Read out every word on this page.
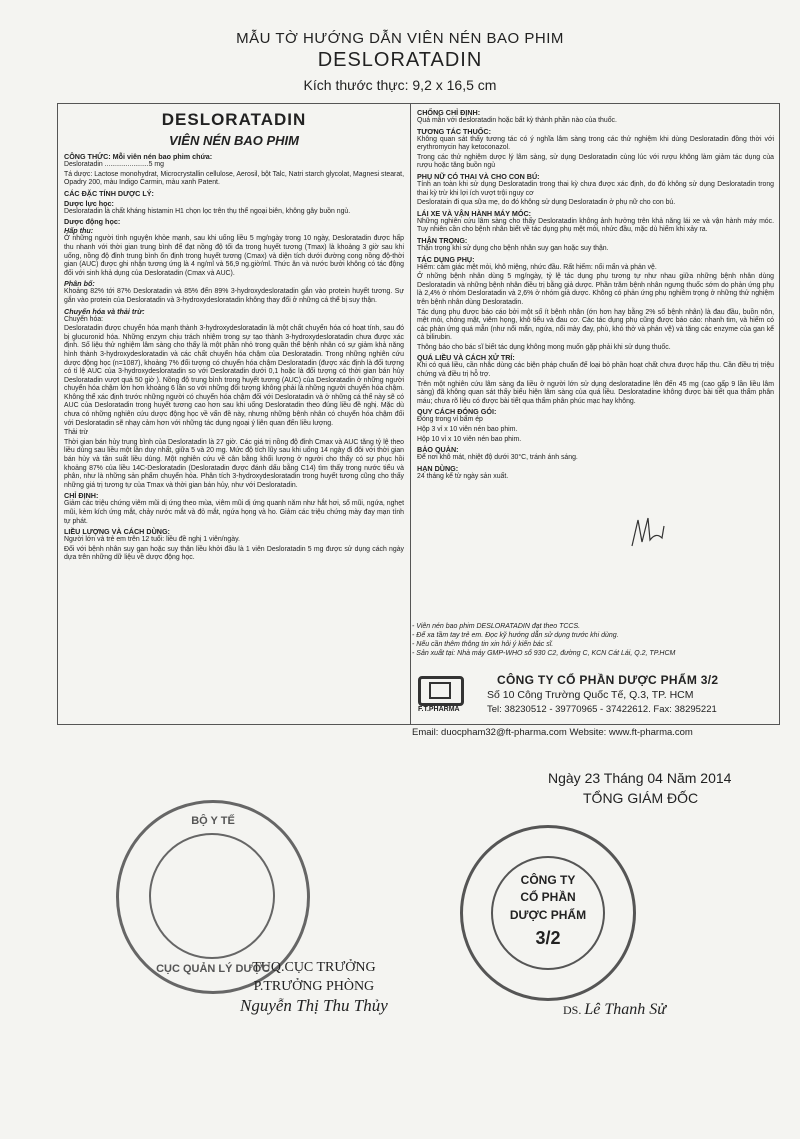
MẪU TỜ HƯỚNG DẪN VIÊN NÉN BAO PHIM
DESLORATADIN
Kích thước thực: 9,2 x 16,5 cm
DESLORATADIN
VIÊN NÉN BAO PHIM
CÔNG THỨC: Mỗi viên nén bao phim chứa:
Desloratadin .......................5 mg
Tá dược: Lactose monohydrat, Microcrystallin cellulose, Aerosil, bột Talc, Natri starch glycolat, Magnesi stearat, Opadry 200, màu Indigo Carmin, màu xanh Patent.
CÁC ĐẶC TÍNH DƯỢC LÝ:
Dược lực học:
Desloratadin là chất kháng histamin H1 chọn lọc trên thụ thể ngoại biên, không gây buồn ngủ.
Dược động học:
Hấp thu:
Ở những người tình nguyện khỏe mạnh, sau khi uống liều 5 mg/ngày trong 10 ngày, Desloratadin được hấp thu nhanh với thời gian trung bình để đạt nồng độ tối đa trong huyết tương (Tmax) là khoảng 3 giờ sau khi uống, nồng độ đỉnh trung bình ổn định trong huyết tương (Cmax) và diện tích dưới đường cong nồng độ-thời gian (AUC) được ghi nhận tương ứng là 4 ng/ml và 56,9 ng.giờ/ml. Thức ăn và nước bưởi không có tác động đối với sinh khả dụng của Desloratadin (Cmax và AUC).
Phân bố:
Khoảng 82% tới 87% Desloratadin và 85% đến 89% 3-hydroxydesloratadin gắn vào protein huyết tương. Sự gắn vào protein của Desloratadin và 3-hydroxydesloratadin không thay đổi ở những cá thể bị suy thận.
Chuyển hóa và thải trừ:
Chuyển hóa:
Desloratadin được chuyển hóa mạnh thành 3-hydroxydesloratadin là một chất chuyển hóa có hoạt tính, sau đó bị glucuronid hóa. Những enzym chịu trách nhiệm trong sự tạo thành 3-hydroxydesloratadin chưa được xác định. Số liệu thử nghiệm lâm sàng cho thấy là một phần nhỏ trong quần thể bệnh nhân có sự giảm khả năng hình thành 3-hydroxydesloratadin và các chất chuyển hóa chậm của Desloratadin. Trong những nghiên cứu dược động học (n=1087), khoảng 7% đối tượng có chuyển hóa chậm Desloratadin (được xác định là đối tượng có tỉ lệ AUC của 3-hydroxydesloratadin so với Desloratadin dưới 0,1 hoặc là đối tượng có thời gian bán hủy Desloratadin vượt quá 50 giờ ). Nồng độ trung bình trong huyết tương (AUC) của Desloratadin ở những người chuyển hóa chậm lớn hơn khoảng 6 lần so với những đối tượng không phải là những người chuyển hóa chậm. Không thể xác định trước những người có chuyển hóa chậm đối với Desloratadin và ở những cá thể này sẽ có AUC của Desloratadin trong huyết tương cao hơn sau khi uống Desloratadin theo đúng liều đề nghị. Mặc dù chưa có những nghiên cứu dược động học về vấn đề này, nhưng những bệnh nhân có chuyển hóa chậm đối với Desloratadin sẽ nhạy cảm hơn với những tác dụng ngoại ý liên quan đến liều lượng.
Thải trừ
Thời gian bán hủy trung bình của Desloratadin là 27 giờ. Các giá trị nồng độ đỉnh Cmax và AUC tăng tỷ lệ theo liều dùng sau liều một lần duy nhất, giữa 5 và 20 mg. Mức độ tích lũy sau khi uống 14 ngày đi đôi với thời gian bán hủy và tần suất liều dùng. Một nghiên cứu về cân bằng khối lượng ở người cho thấy có sự phục hồi khoảng 87% của liều 14C-Desloratadin (Desloratadin được đánh dấu bằng C14) tìm thấy trong nước tiểu và phân, như là những sản phẩm chuyển hóa. Phân tích 3-hydroxydesloratadin trong huyết tương cũng cho thấy những giá trị tương tự của Tmax và thời gian bán hủy, như với Desloratadin.
CHỈ ĐỊNH:
Giảm các triệu chứng viêm mũi dị ứng theo mùa, viêm mũi dị ứng quanh năm như hắt hơi, sổ mũi, ngứa, nghẹt mũi, kèm kích ứng mắt, chảy nước mắt và đỏ mắt, ngứa họng và ho. Giảm các triệu chứng mày đay mạn tính tự phát.
LIỀU LƯỢNG VÀ CÁCH DÙNG:
Người lớn và trẻ em trên 12 tuổi: liều đề nghị 1 viên/ngày.
Đối với bệnh nhân suy gan hoặc suy thận liều khởi đầu là 1 viên Desloratadin 5 mg được sử dụng cách ngày dựa trên những dữ liệu về dược động học.
CHỐNG CHỈ ĐỊNH:
Quá mẫn với desloratadin hoặc bất kỳ thành phần nào của thuốc.
TƯƠNG TÁC THUỐC:
Không quan sát thấy tương tác có ý nghĩa lâm sàng trong các thử nghiệm khi dùng Desloratadin đồng thời với erythromycin hay ketoconazol.
Trong các thử nghiệm dược lý lâm sàng, sử dụng Desloratadin cùng lúc với rượu không làm giảm tác dụng của rượu hoặc tăng buồn ngủ
PHỤ NỮ CÓ THAI VÀ CHO CON BÚ:
Tính an toàn khi sử dụng Desloratadin trong thai kỳ chưa được xác định, do đó không sử dụng Desloratadin trong thai kỳ trừ khi lợi ích vượt trội nguy cơ
Desloratain đi qua sữa mẹ, do đó không sử dụng Desloratadin ở phụ nữ cho con bú.
LÁI XE VÀ VẬN HÀNH MÁY MÓC:
Những nghiên cứu lâm sàng cho thấy Desloratadin không ảnh hưởng trên khả năng lái xe và vận hành máy móc. Tuy nhiên cần cho bệnh nhân biết về tác dụng phụ mệt mỏi, nhức đầu, mặc dù hiếm khi xảy ra.
THẬN TRỌNG:
Thận trọng khi sử dụng cho bệnh nhân suy gan hoặc suy thận.
TÁC DỤNG PHỤ:
Hiếm: cảm giác mệt mỏi, khô miệng, nhức đầu. Rất hiếm: nổi mẩn và phản vệ.
Ở những bệnh nhân dùng 5 mg/ngày, tỷ lệ tác dụng phụ tương tự như nhau giữa những bệnh nhân dùng Desloratadin và những bệnh nhân điều trị bằng giả dược. Phần trăm bệnh nhân ngưng thuốc sớm do phản ứng phụ là 2,4% ở nhóm Desloratadin và 2,6% ở nhóm giả dược. Không có phản ứng phụ nghiêm trọng ở những thử nghiệm trên bệnh nhân dùng Desloratadin.
Tác dụng phụ được báo cáo bởi một số ít bệnh nhân (ớn hơn hay bằng 2% số bệnh nhân) là đau đầu, buồn nôn, mệt mỏi, chóng mặt, viêm họng, khô tiểu và đau cơ. Các tác dụng phụ cũng được báo cáo: nhanh tim, và hiếm có các phản ứng quá mẫn (như nổi mẩn, ngứa, nổi mày đay, phù, khó thở và phản vệ) và tăng các enzyme của gan kể cả bilirubin.
Thông báo cho bác sĩ biết tác dụng không mong muốn gặp phải khi sử dụng thuốc.
QUÁ LIỀU VÀ CÁCH XỬ TRÍ:
Khi có quá liều, cần nhắc dùng các biện pháp chuẩn để loại bỏ phần hoạt chất chưa được hấp thu. Cần điều trị triệu chứng và điều trị hỗ trợ.
Trên một nghiên cứu lâm sàng đa liều ở người lớn sử dụng desloratadine lên đến 45 mg (cao gấp 9 lần liều lâm sàng) đã không quan sát thấy biểu hiện lâm sàng của quá liều. Desloratadine không được bài tiết qua thẩm phân máu; chưa rõ liệu có được bài tiết qua thẩm phân phúc mạc hay không.
QUY CÁCH ĐÓNG GÓI:
Đóng trong vỉ bấm ép
Hộp 3 vỉ x 10 viên nén bao phim.
Hộp 10 vỉ x 10 viên nén bao phim.
BẢO QUẢN:
Để nơi khô mát, nhiệt độ dưới 30°C, tránh ánh sáng.
HẠN DÙNG:
24 tháng kể từ ngày sản xuất.
- Viên nén bao phim DESLORATADIN đạt theo TCCS.
- Để xa tầm tay trẻ em. Đọc kỹ hướng dẫn sử dụng trước khi dùng.
- Nếu cần thêm thông tin xin hỏi ý kiến bác sĩ.
- Sản xuất tại: Nhà máy GMP-WHO số 930 C2, đường C, KCN Cát Lái, Q.2, TP.HCM
F.T.PHARMA
CÔNG TY CỔ PHẦN DƯỢC PHẨM 3/2
Số 10 Công Trường Quốc Tế, Q.3, TP. HCM
Tel: 38230512 - 39770965 - 37422612. Fax: 38295221
Email: duocpham32@ft-pharma.com Website: www.ft-pharma.com
Ngày 23 Tháng 04 Năm 2014
TỔNG GIÁM ĐỐC
CÔNG TY
CỔ PHẦN
DƯỢC PHẨM
3/2
BỘ Y TẾ
CỤC QUẢN LÝ DƯỢC
DS. Lê Thanh Sử
TUQ.CỤC TRƯỞNG
P.TRƯỞNG PHÒNG
Nguyễn Thị Thu Thủy
